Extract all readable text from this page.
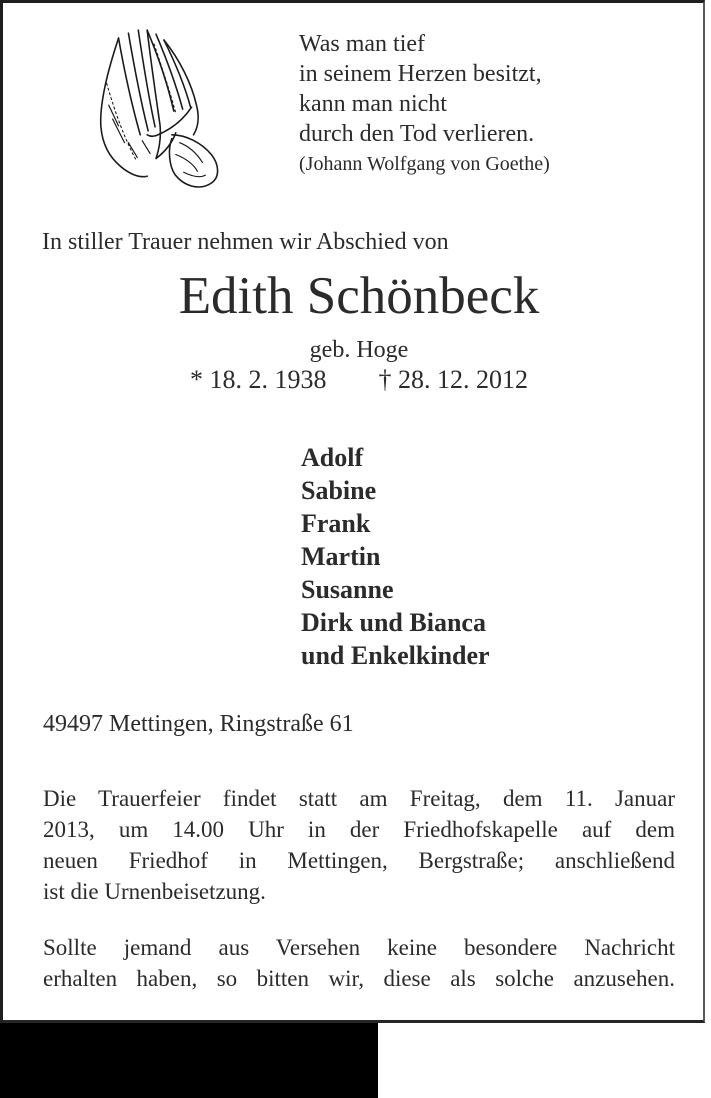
Was man tief
in seinem Herzen besitzt,
kann man nicht
durch den Tod verlieren.
(Johann Wolfgang von Goethe)
In stiller Trauer nehmen wir Abschied von
Edith Schönbeck
geb. Hoge
* 18. 2. 1938 † 28. 12. 2012
Adolf
Sabine
Frank
Martin
Susanne
Dirk und Bianca
und Enkelkinder
49497 Mettingen, Ringstraße 61
Die Trauerfeier findet statt am Freitag, dem 11. Januar
2013, um 14.00 Uhr in der Friedhofskapelle auf dem
neuen Friedhof in Mettingen, Bergstraße; anschließend
ist die Urnenbeisetzung.
Sollte jemand aus Versehen keine besondere Nachricht
erhalten haben, so bitten wir, diese als solche anzusehen.
